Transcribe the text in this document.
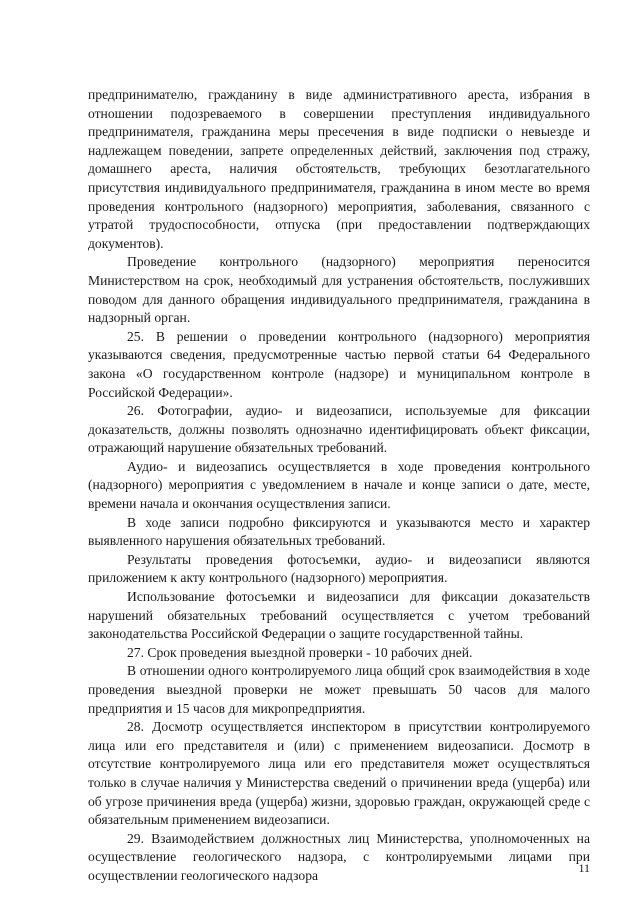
предпринимателю, гражданину в виде административного ареста, избрания в отношении подозреваемого в совершении преступления индивидуального предпринимателя, гражданина меры пресечения в виде подписки о невыезде и надлежащем поведении, запрете определенных действий, заключения под стражу, домашнего ареста, наличия обстоятельств, требующих безотлагательного присутствия индивидуального предпринимателя, гражданина в ином месте во время проведения контрольного (надзорного) мероприятия, заболевания, связанного с утратой трудоспособности, отпуска (при предоставлении подтверждающих документов).

Проведение контрольного (надзорного) мероприятия переносится Министерством на срок, необходимый для устранения обстоятельств, послуживших поводом для данного обращения индивидуального предпринимателя, гражданина в надзорный орган.

25. В решении о проведении контрольного (надзорного) мероприятия указываются сведения, предусмотренные частью первой статьи 64 Федерального закона «О государственном контроле (надзоре) и муниципальном контроле в Российской Федерации».

26. Фотографии, аудио- и видеозаписи, используемые для фиксации доказательств, должны позволять однозначно идентифицировать объект фиксации, отражающий нарушение обязательных требований.

Аудио- и видеозапись осуществляется в ходе проведения контрольного (надзорного) мероприятия с уведомлением в начале и конце записи о дате, месте, времени начала и окончания осуществления записи.

В ходе записи подробно фиксируются и указываются место и характер выявленного нарушения обязательных требований.

Результаты проведения фотосъемки, аудио- и видеозаписи являются приложением к акту контрольного (надзорного) мероприятия.

Использование фотосъемки и видеозаписи для фиксации доказательств нарушений обязательных требований осуществляется с учетом требований законодательства Российской Федерации о защите государственной тайны.

27. Срок проведения выездной проверки - 10 рабочих дней.

В отношении одного контролируемого лица общий срок взаимодействия в ходе проведения выездной проверки не может превышать 50 часов для малого предприятия и 15 часов для микропредприятия.

28. Досмотр осуществляется инспектором в присутствии контролируемого лица или его представителя и (или) с применением видеозаписи. Досмотр в отсутствие контролируемого лица или его представителя может осуществляться только в случае наличия у Министерства сведений о причинении вреда (ущерба) или об угрозе причинения вреда (ущерба) жизни, здоровью граждан, окружающей среде с обязательным применением видеозаписи.

29. Взаимодействием должностных лиц Министерства, уполномоченных на осуществление геологического надзора, с контролируемыми лицами при осуществлении геологического надзора	11
